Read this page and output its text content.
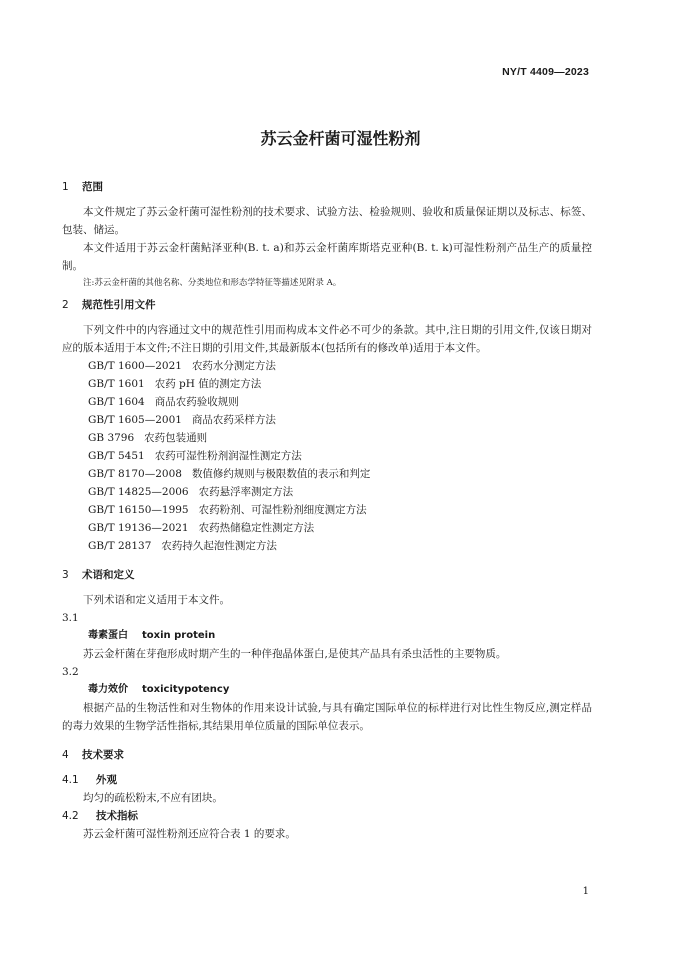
NY/T 4409—2023
苏云金杆菌可湿性粉剂
1 范围

本文件规定了苏云金杆菌可湿性粉剂的技术要求、试验方法、检验规则、验收和质量保证期以及标志、标签、包装、储运。

本文件适用于苏云金杆菌鲇泽亚种(B. t. a)和苏云金杆菌库斯塔克亚种(B. t. k)可湿性粉剂产品生产的质量控制。

注:苏云金杆菌的其他名称、分类地位和形态学特征等描述见附录 A。

2 规范性引用文件

下列文件中的内容通过文中的规范性引用而构成本文件必不可少的条款。其中,注日期的引用文件,仅该日期对应的版本适用于本文件;不注日期的引用文件,其最新版本(包括所有的修改单)适用于本文件。

GB/T 1600—2021 农药水分测定方法
GB/T 1601 农药 pH 值的测定方法
GB/T 1604 商品农药验收规则
GB/T 1605—2001 商品农药采样方法
GB 3796 农药包装通则
GB/T 5451 农药可湿性粉剂润湿性测定方法
GB/T 8170—2008 数值修约规则与极限数值的表示和判定
GB/T 14825—2006 农药悬浮率测定方法
GB/T 16150—1995 农药粉剂、可湿性粉剂细度测定方法
GB/T 19136—2021 农药热储稳定性测定方法
GB/T 28137 农药持久起泡性测定方法
3 术语和定义

下列术语和定义适用于本文件。

3.1

毒素蛋白 toxin protein

苏云金杆菌在芽孢形成时期产生的一种伴孢晶体蛋白,是使其产品具有杀虫活性的主要物质。

3.2

毒力效价 toxicitypotency

根据产品的生物活性和对生物体的作用来设计试验,与具有确定国际单位的标样进行对比性生物反应,测定样品的毒力效果的生物学活性指标,其结果用单位质量的国际单位表示。

4 技术要求

4.1 外观

均匀的疏松粉末,不应有团块。

4.2 技术指标

苏云金杆菌可湿性粉剂还应符合表 1 的要求。

1
